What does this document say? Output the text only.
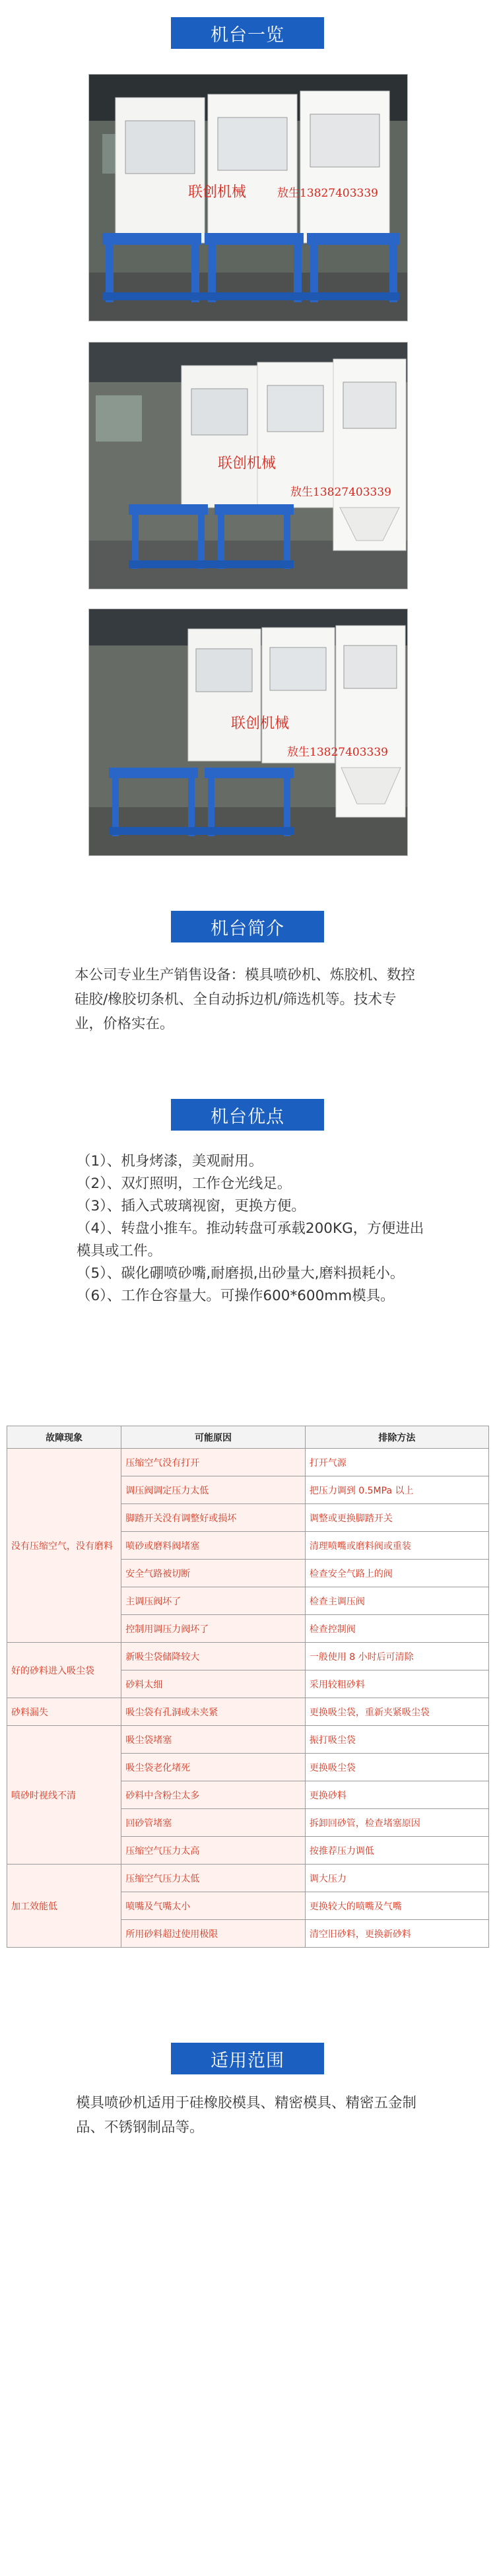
机台一览
联创机械	敖生13827403339
联创机械
敖生13827403339
联创机械
敖生13827403339
机台简介
本公司专业生产销售设备：模具喷砂机、炼胶机、数控硅胶/橡胶切条机、全自动拆边机/筛选机等。技术专业，价格实在。
机台优点
（1）、机身烤漆，美观耐用。
（2）、双灯照明，工作仓光线足。
（3）、插入式玻璃视窗，更换方便。
（4）、转盘小推车。推动转盘可承载200KG，方便进出模具或工件。
（5）、碳化硼喷砂嘴,耐磨损,出砂量大,磨料损耗小。
（6）、工作仓容量大。可操作600*600mm模具。
故障现象	可能原因	排除方法
没有压缩空气，没有磨料	压缩空气没有打开	打开气源
	调压阀调定压力太低	把压力调到 0.5MPa 以上
	脚踏开关没有调整好或损坏	调整或更换脚踏开关
	喷砂或磨料阀堵塞	清理喷嘴或磨料阀或重装
	安全气路被切断	检查安全气路上的阀
	主调压阀坏了	检查主调压阀
	控制用调压力阀坏了	检查控制阀
好的砂料进入吸尘袋	新吸尘袋储降较大	一般使用 8 小时后可清除
	砂料太细	采用较粗砂料
砂料漏失	吸尘袋有孔洞或未夹紧	更换吸尘袋，重新夹紧吸尘袋
喷砂时视线不清	吸尘袋堵塞	振打吸尘袋
	吸尘袋老化堵死	更换吸尘袋
	砂料中含粉尘太多	更换砂料
	回砂管堵塞	拆卸回砂管，检查堵塞原因
	压缩空气压力太高	按推荐压力调低
加工效能低	压缩空气压力太低	调大压力
	喷嘴及气嘴太小	更换较大的喷嘴及气嘴
	所用砂料超过使用极限	清空旧砂料，更换新砂料
适用范围
模具喷砂机适用于硅橡胶模具、精密模具、精密五金制品、不锈钢制品等。
